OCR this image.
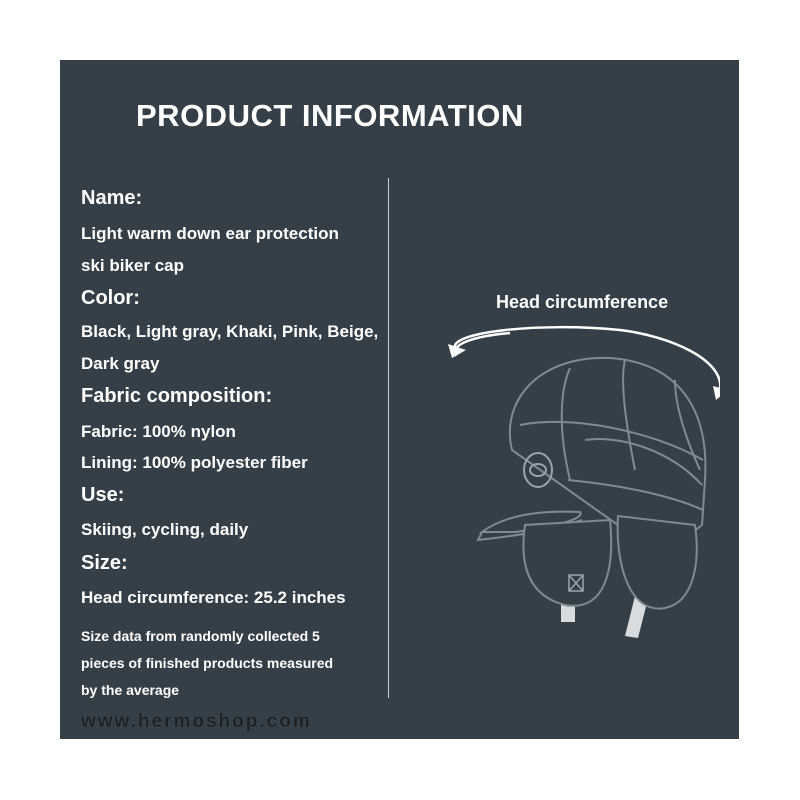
PRODUCT INFORMATION
Name:
Light warm down ear protection
ski biker cap
Color:
Black, Light gray, Khaki, Pink, Beige,
Dark gray
Fabric composition:
Fabric: 100% nylon
Lining: 100% polyester fiber
Use:
Skiing, cycling, daily
Size:
Head circumference: 25.2 inches
Size data from randomly collected 5
pieces of finished products measured
by the average
Head circumference
www.hermoshop.com
